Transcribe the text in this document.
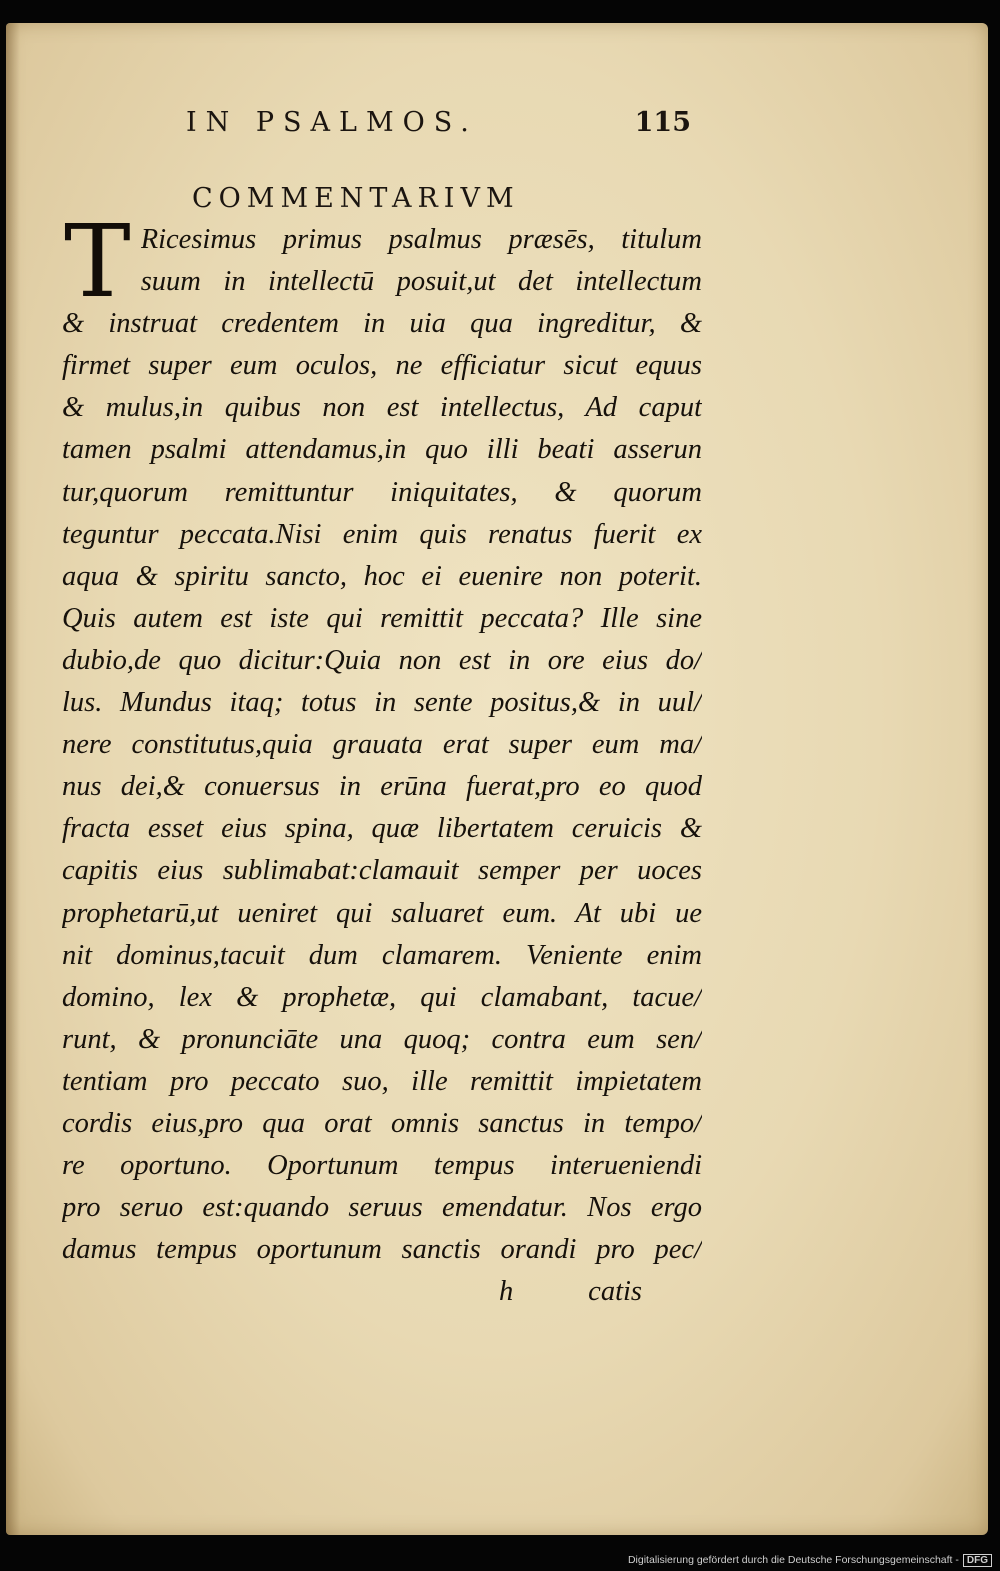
IN PSALMOS.	115
COMMENTARIVM
T Ricesimus primus psalmus præsēs, titulum
suum in intellectū posuit,ut det intellectum
& instruat credentem in uia qua ingreditur, &
firmet super eum oculos, ne efficiatur sicut equus
& mulus,in quibus non est intellectus, Ad caput
tamen psalmi attendamus,in quo illi beati asserun
tur,quorum remittuntur iniquitates, & quorum
teguntur peccata.Nisi enim quis renatus fuerit ex
aqua & spiritu sancto, hoc ei euenire non poterit.
Quis autem est iste qui remittit peccata? Ille sine
dubio,de quo dicitur:Quia non est in ore eius do/
lus. Mundus itaq; totus in sente positus,& in uul/
nere constitutus,quia grauata erat super eum ma/
nus dei,& conuersus in erūna fuerat,pro eo quod
fracta esset eius spina, quæ libertatem ceruicis &
capitis eius sublimabat:clamauit semper per uoces
prophetarū,ut ueniret qui saluaret eum. At ubi ue
nit dominus,tacuit dum clamarem. Veniente enim
domino, lex & prophetæ, qui clamabant, tacue/
runt, & pronunciāte una quoq; contra eum sen/
tentiam pro peccato suo, ille remittit impietatem
cordis eius,pro qua orat omnis sanctus in tempo/
re oportuno. Oportunum tempus interueniendi
pro seruo est:quando seruus emendatur. Nos ergo
damus tempus oportunum sanctis orandi pro pec/
h	catis
Digitalisierung gefördert durch die Deutsche Forschungsgemeinschaft - DFG
